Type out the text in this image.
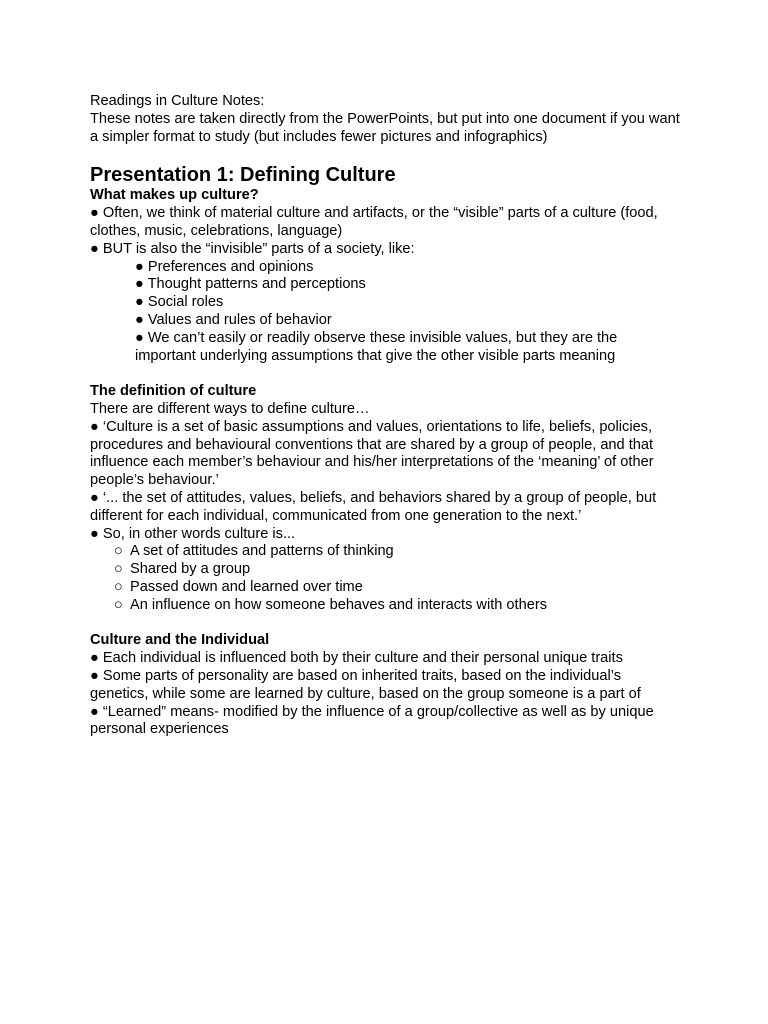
Readings in Culture Notes:
These notes are taken directly from the PowerPoints, but put into one document if you want a simpler format to study (but includes fewer pictures and infographics)
Presentation 1: Defining Culture
What makes up culture?
● Often, we think of material culture and artifacts, or the “visible” parts of a culture (food, clothes, music, celebrations, language)
● BUT is also the “invisible” parts of a society, like:
● Preferences and opinions
● Thought patterns and perceptions
● Social roles
● Values and rules of behavior
● We can’t easily or readily observe these invisible values, but they are the important underlying assumptions that give the other visible parts meaning
The definition of culture
There are different ways to define culture…
● ‘Culture is a set of basic assumptions and values, orientations to life, beliefs, policies, procedures and behavioural conventions that are shared by a group of people, and that influence each member’s behaviour and his/her interpretations of the ‘meaning’ of other people’s behaviour.’
● ‘... the set of attitudes, values, beliefs, and behaviors shared by a group of people, but different for each individual, communicated from one generation to the next.’
● So, in other words culture is...
○ A set of attitudes and patterns of thinking
○ Shared by a group
○ Passed down and learned over time
○ An influence on how someone behaves and interacts with others
Culture and the Individual
● Each individual is influenced both by their culture and their personal unique traits
● Some parts of personality are based on inherited traits, based on the individual’s genetics, while some are learned by culture, based on the group someone is a part of
● “Learned” means- modified by the influence of a group/collective as well as by unique personal experiences
